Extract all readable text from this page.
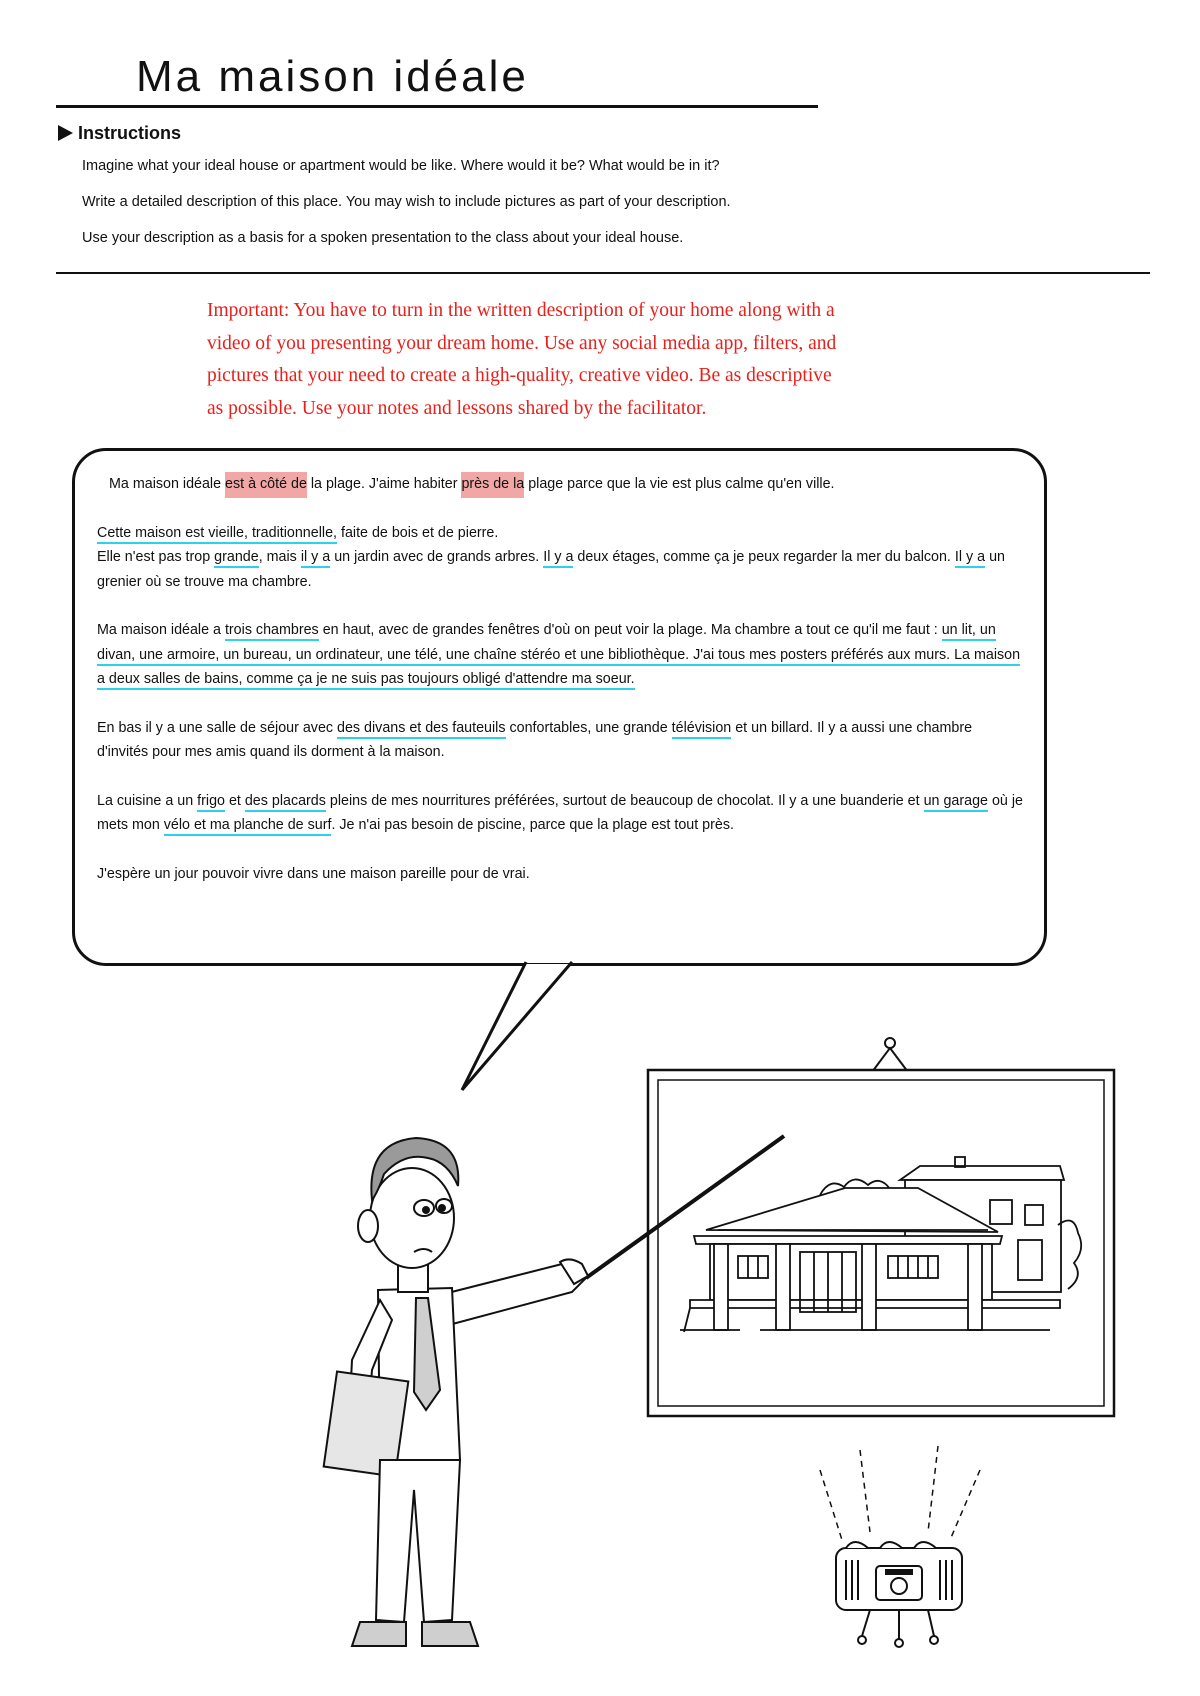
Ma maison idéale
Instructions
Imagine what your ideal house or apartment would be like. Where would it be? What would be in it?
Write a detailed description of this place. You may wish to include pictures as part of your description.
Use your description as a basis for a spoken presentation to the class about your ideal house.
Important: You have to turn in the written description of your home along with a
video of you presenting your dream home. Use any social media app, filters, and
pictures that your need to create a high-quality, creative video. Be as descriptive
as possible. Use your notes and lessons shared by the facilitator.

Ma maison idéale est à côté de la plage. J'aime habiter près de la plage parce que la vie est plus calme qu'en ville.

Cette maison est vieille, traditionnelle, faite de bois et de pierre.
Elle n'est pas trop grande, mais il y a un jardin avec de grands arbres. Il y a deux étages, comme ça je peux regarder la mer du balcon. Il y a un grenier où se trouve ma chambre.

Ma maison idéale a trois chambres en haut, avec de grandes fenêtres d'où on peut voir la plage. Ma chambre a tout ce qu'il me faut : un lit, un divan, une armoire, un bureau, un ordinateur, une télé, une chaîne stéréo et une bibliothèque. J'ai tous mes posters préférés aux murs. La maison a deux salles de bains, comme ça je ne suis pas toujours obligé d'attendre ma soeur.

En bas il y a une salle de séjour avec des divans et des fauteuils confortables, une grande télévision et un billard. Il y a aussi une chambre d'invités pour mes amis quand ils dorment à la maison.

La cuisine a un frigo et des placards pleins de mes nourritures préférées, surtout de beaucoup de chocolat. Il y a une buanderie et un garage où je mets mon vélo et ma planche de surf. Je n'ai pas besoin de piscine, parce que la plage est tout près.

J'espère un jour pouvoir vivre dans une maison pareille pour de vrai.
